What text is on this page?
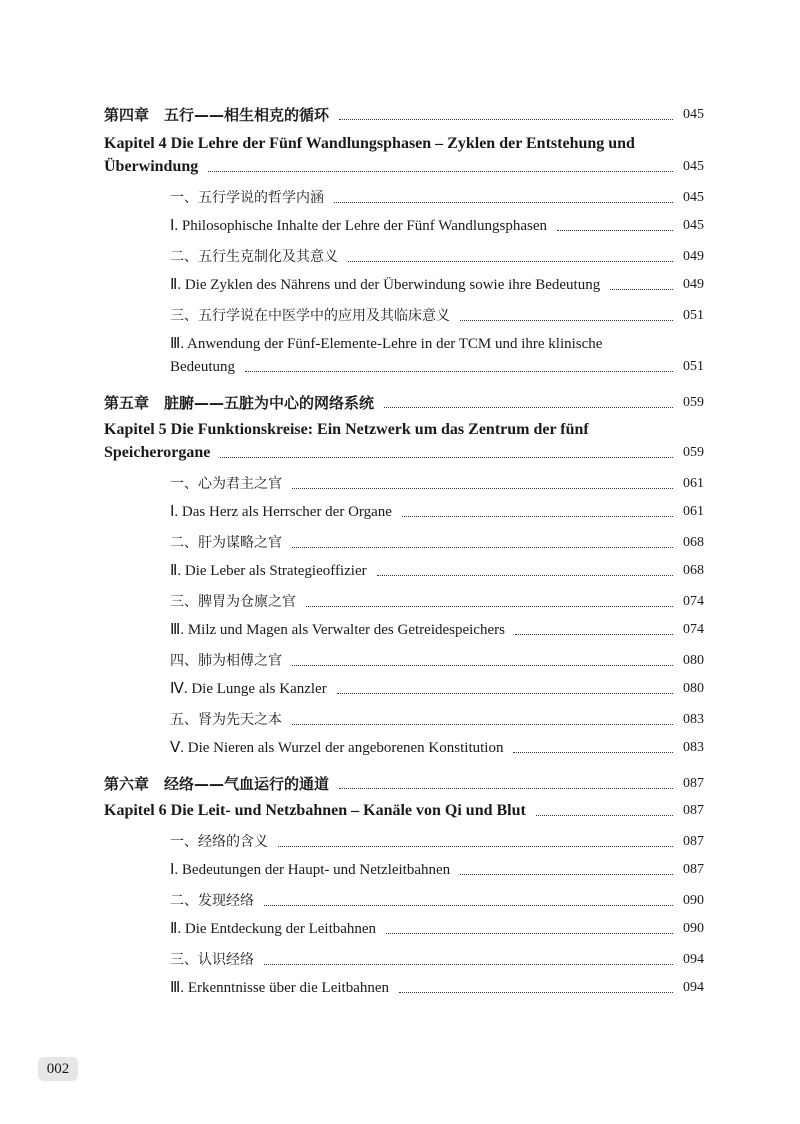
第四章　五行——相生相克的循环	045
Kapitel 4 Die Lehre der Fünf Wandlungsphasen – Zyklen der Entstehung und
Überwindung	045
一、五行学说的哲学内涵	045
Ⅰ. Philosophische Inhalte der Lehre der Fünf Wandlungsphasen	045
二、五行生克制化及其意义	049
Ⅱ. Die Zyklen des Nährens und der Überwindung sowie ihre Bedeutung	049
三、五行学说在中医学中的应用及其临床意义	051
Ⅲ. Anwendung der Fünf-Elemente-Lehre in der TCM und ihre klinische
Bedeutung	051
第五章　脏腑——五脏为中心的网络系统	059
Kapitel 5 Die Funktionskreise: Ein Netzwerk um das Zentrum der fünf
Speicherorgane	059
一、心为君主之官	061
Ⅰ. Das Herz als Herrscher der Organe	061
二、肝为谋略之官	068
Ⅱ. Die Leber als Strategieoffizier	068
三、脾胃为仓廪之官	074
Ⅲ. Milz und Magen als Verwalter des Getreidespeichers	074
四、肺为相傅之官	080
Ⅳ. Die Lunge als Kanzler	080
五、肾为先天之本	083
Ⅴ. Die Nieren als Wurzel der angeborenen Konstitution	083
第六章　经络——气血运行的通道	087
Kapitel 6 Die Leit- und Netzbahnen – Kanäle von Qi und Blut	087
一、经络的含义	087
Ⅰ. Bedeutungen der Haupt- und Netzleitbahnen	087
二、发现经络	090
Ⅱ. Die Entdeckung der Leitbahnen	090
三、认识经络	094
Ⅲ. Erkenntnisse über die Leitbahnen	094
002
